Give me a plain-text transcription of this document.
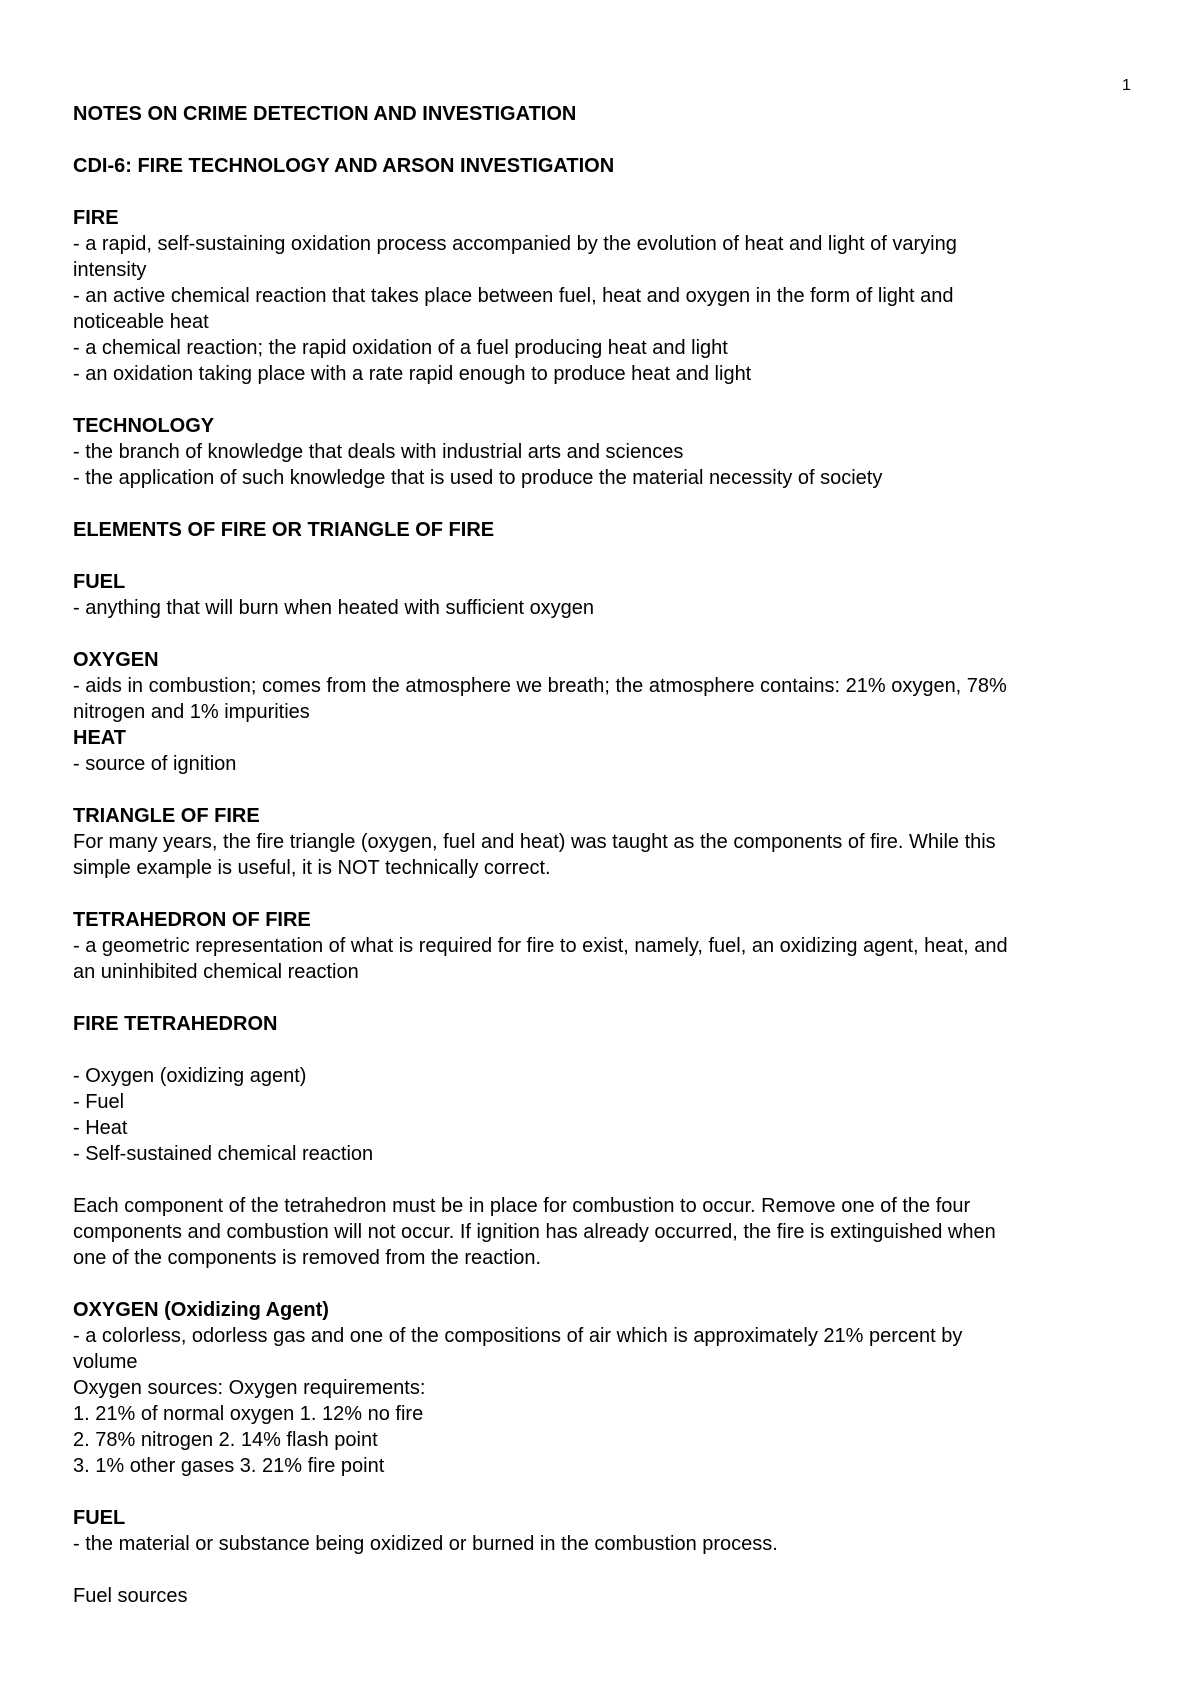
1

NOTES ON CRIME DETECTION AND INVESTIGATION

CDI-6: FIRE TECHNOLOGY AND ARSON INVESTIGATION

FIRE

- a rapid, self-sustaining oxidation process accompanied by the evolution of heat and light of varying

intensity

- an active chemical reaction that takes place between fuel, heat and oxygen in the form of light and

noticeable heat

- a chemical reaction; the rapid oxidation of a fuel producing heat and light

- an oxidation taking place with a rate rapid enough to produce heat and light

TECHNOLOGY

- the branch of knowledge that deals with industrial arts and sciences

- the application of such knowledge that is used to produce the material necessity of society

ELEMENTS OF FIRE OR TRIANGLE OF FIRE

FUEL

- anything that will burn when heated with sufficient oxygen

OXYGEN

- aids in combustion; comes from the atmosphere we breath; the atmosphere contains: 21% oxygen, 78%

nitrogen and 1% impurities

HEAT

- source of ignition

TRIANGLE OF FIRE

For many years, the fire triangle (oxygen, fuel and heat) was taught as the components of fire. While this

simple example is useful, it is NOT technically correct.

TETRAHEDRON OF FIRE

- a geometric representation of what is required for fire to exist, namely, fuel, an oxidizing agent, heat, and

an uninhibited chemical reaction

FIRE TETRAHEDRON

- Oxygen (oxidizing agent)

- Fuel

- Heat

- Self-sustained chemical reaction

Each component of the tetrahedron must be in place for combustion to occur. Remove one of the four

components and combustion will not occur. If ignition has already occurred, the fire is extinguished when

one of the components is removed from the reaction.

OXYGEN (Oxidizing Agent)

- a colorless, odorless gas and one of the compositions of air which is approximately 21% percent by

volume

Oxygen sources: Oxygen requirements:

1. 21% of normal oxygen 1. 12% no fire

2. 78% nitrogen 2. 14% flash point

3. 1% other gases 3. 21% fire point

FUEL

- the material or substance being oxidized or burned in the combustion process.

Fuel sources
